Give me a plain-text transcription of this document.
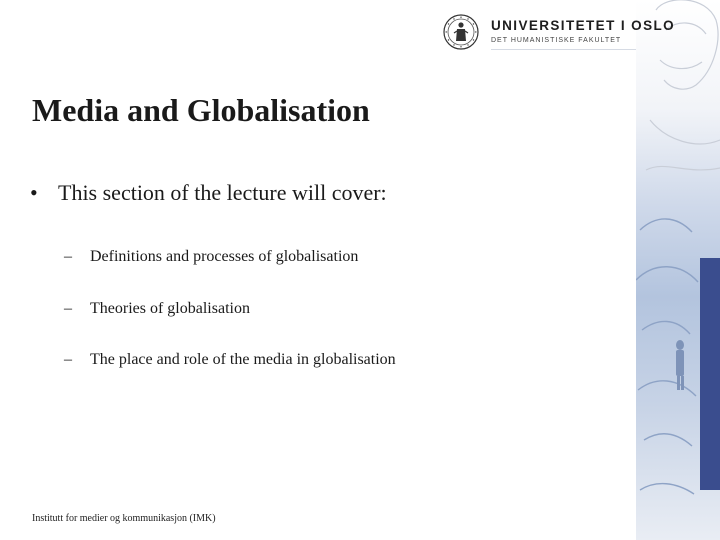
UNIVERSITETET I OSLO
DET HUMANISTISKE FAKULTET
Media and Globalisation
• This section of the lecture will cover:
– Definitions and processes of globalisation
– Theories of globalisation
– The place and role of the media in globalisation
Institutt for medier og kommunikasjon (IMK)
